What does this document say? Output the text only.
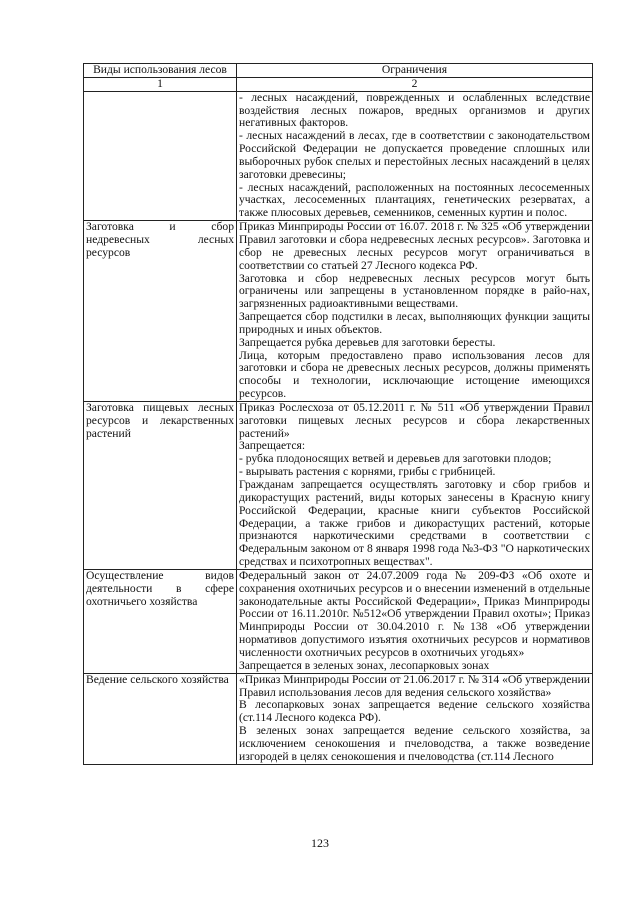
Виды использования лесов	Ограничения
1	2

	- лесных насаждений, поврежденных и ослабленных вследствие воздействия лесных пожаров, вредных организмов и других негативных факторов.

- лесных насаждений в лесах, где в соответствии с законодательством Российской Федерации не допускается проведение сплошных или выборочных рубок спелых и перестойных лесных насаждений в целях заготовки древесины;

- лесных насаждений, расположенных на постоянных лесосеменных участках, лесосеменных плантациях, генетических резерватах, а также плюсовых деревьев, семенников, семенных куртин и полос.

Заготовка и сбор недревесных лесных ресурсов	Приказ Минприроды России от 16.07. 2018 г. № 325 «Об утверждении Правил заготовки и сбора недревесных лесных ресурсов». Заготовка и сбор не древесных лесных ресурсов могут ограничиваться в соответствии со статьей 27 Лесного кодекса РФ.

Заготовка и сбор недревесных лесных ресурсов могут быть ограничены или запрещены в установленном порядке в райо-нах, загрязненных радиоактивными веществами.

Запрещается сбор подстилки в лесах, выполняющих функции защиты природных и иных объектов.

Запрещается рубка деревьев для заготовки бересты.

Лица, которым предоставлено право использования лесов для заготовки и сбора не древесных лесных ресурсов, должны применять способы и технологии, исключающие истощение имеющихся ресурсов.

Заготовка пищевых лесных ресурсов и лекарственных растений	Приказ Рослесхоза от 05.12.2011 г. № 511 «Об утверждении Правил заготовки пищевых лесных ресурсов и сбора лекарственных растений»

Запрещается:

- рубка плодоносящих ветвей и деревьев для заготовки плодов;

- вырывать растения с корнями, грибы с грибницей.

Гражданам запрещается осуществлять заготовку и сбор грибов и дикорастущих растений, виды которых занесены в Красную книгу Российской Федерации, красные книги субъектов Российской Федерации, а также грибов и дикорастущих растений, которые признаются наркотическими средствами в соответствии с Федеральным законом от 8 января 1998 года №3-ФЗ "О наркотических средствах и психотропных веществах".

Осуществление видов деятельности в сфере охотничьего хозяйства	Федеральный закон от 24.07.2009 года № 209-ФЗ «Об охоте и сохранения охотничьих ресурсов и о внесении изменений в отдельные законодательные акты Российской Федерации», Приказ Минприроды России от 16.11.2010г. №512«Об утверждении Правил охоты»; Приказ Минприроды России от 30.04.2010 г. №138 «Об утверждении нормативов допустимого изъятия охотничьих ресурсов и нормативов численности охотничьих ресурсов в охотничьих угодьях»

Запрещается в зеленых зонах, лесопарковых зонах

Ведение сельского хозяйства	«Приказ Минприроды России от 21.06.2017 г. № 314 «Об утверждении Правил использования лесов для ведения сельского хозяйства»

В лесопарковых зонах запрещается ведение сельского хозяйства (ст.114 Лесного кодекса РФ).

В зеленых зонах запрещается ведение сельского хозяйства, за исключением сенокошения и пчеловодства, а также возведение изгородей в целях сенокошения и пчеловодства (ст.114 Лесного

123
